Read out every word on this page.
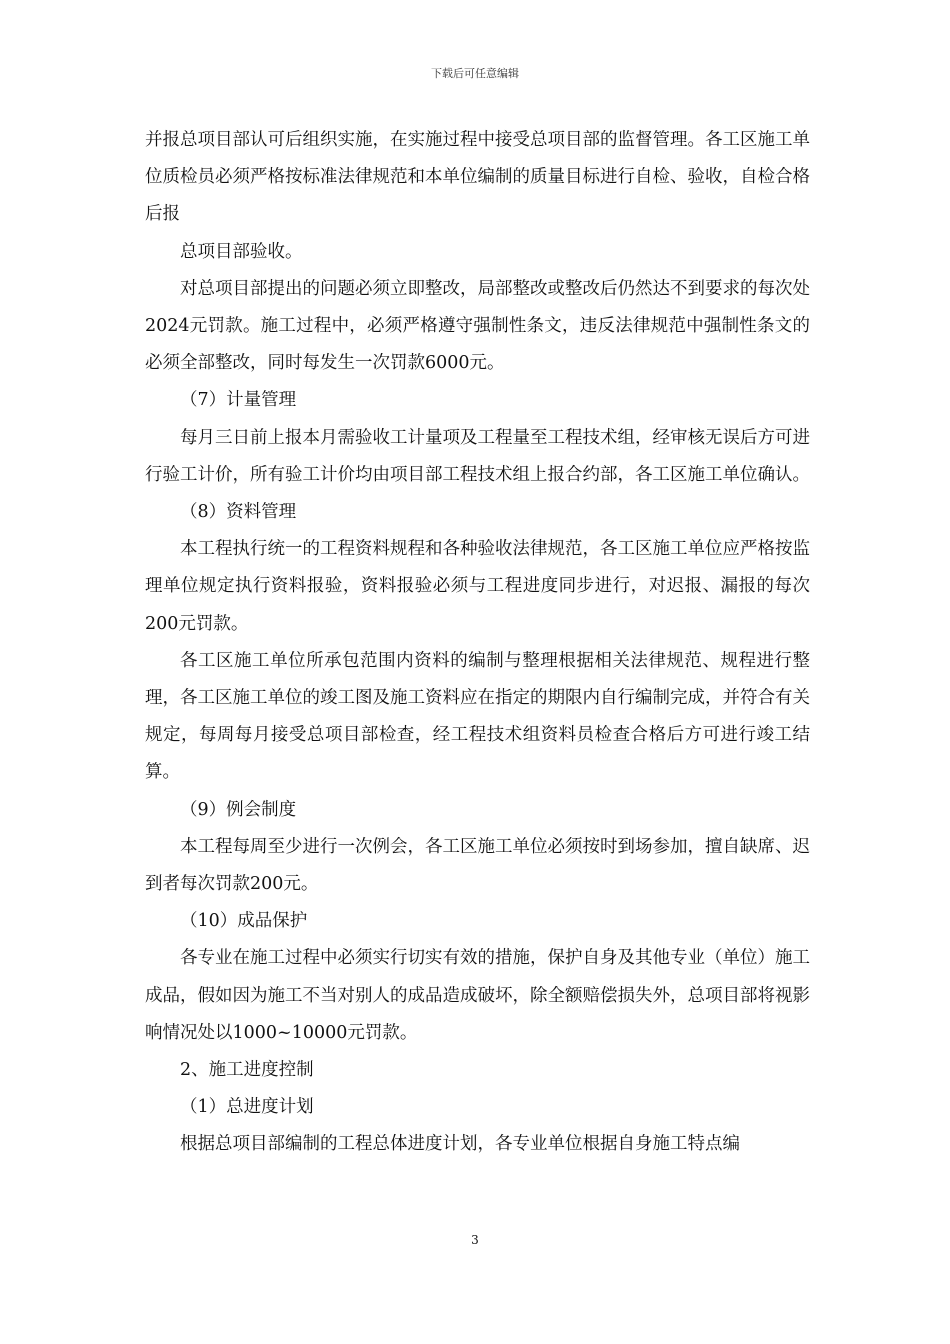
下载后可任意编辑

并报总项目部认可后组织实施，在实施过程中接受总项目部的监督管理。各工区施工单位质检员必须严格按标准法律规范和本单位编制的质量目标进行自检、验收，自检合格后报

总项目部验收。

对总项目部提出的问题必须立即整改，局部整改或整改后仍然达不到要求的每次处2024元罚款。施工过程中，必须严格遵守强制性条文，违反法律规范中强制性条文的必须全部整改，同时每发生一次罚款6000元。

（7）计量管理

每月三日前上报本月需验收工计量项及工程量至工程技术组，经审核无误后方可进行验工计价，所有验工计价均由项目部工程技术组上报合约部，各工区施工单位确认。

（8）资料管理

本工程执行统一的工程资料规程和各种验收法律规范，各工区施工单位应严格按监理单位规定执行资料报验，资料报验必须与工程进度同步进行，对迟报、漏报的每次200元罚款。

各工区施工单位所承包范围内资料的编制与整理根据相关法律规范、规程进行整理，各工区施工单位的竣工图及施工资料应在指定的期限内自行编制完成，并符合有关规定，每周每月接受总项目部检查，经工程技术组资料员检查合格后方可进行竣工结算。

（9）例会制度

本工程每周至少进行一次例会，各工区施工单位必须按时到场参加，擅自缺席、迟到者每次罚款200元。

（10）成品保护

各专业在施工过程中必须实行切实有效的措施，保护自身及其他专业（单位）施工成品，假如因为施工不当对别人的成品造成破坏，除全额赔偿损失外，总项目部将视影响情况处以1000~10000元罚款。

2、施工进度控制

（1）总进度计划

根据总项目部编制的工程总体进度计划，各专业单位根据自身施工特点编

3
